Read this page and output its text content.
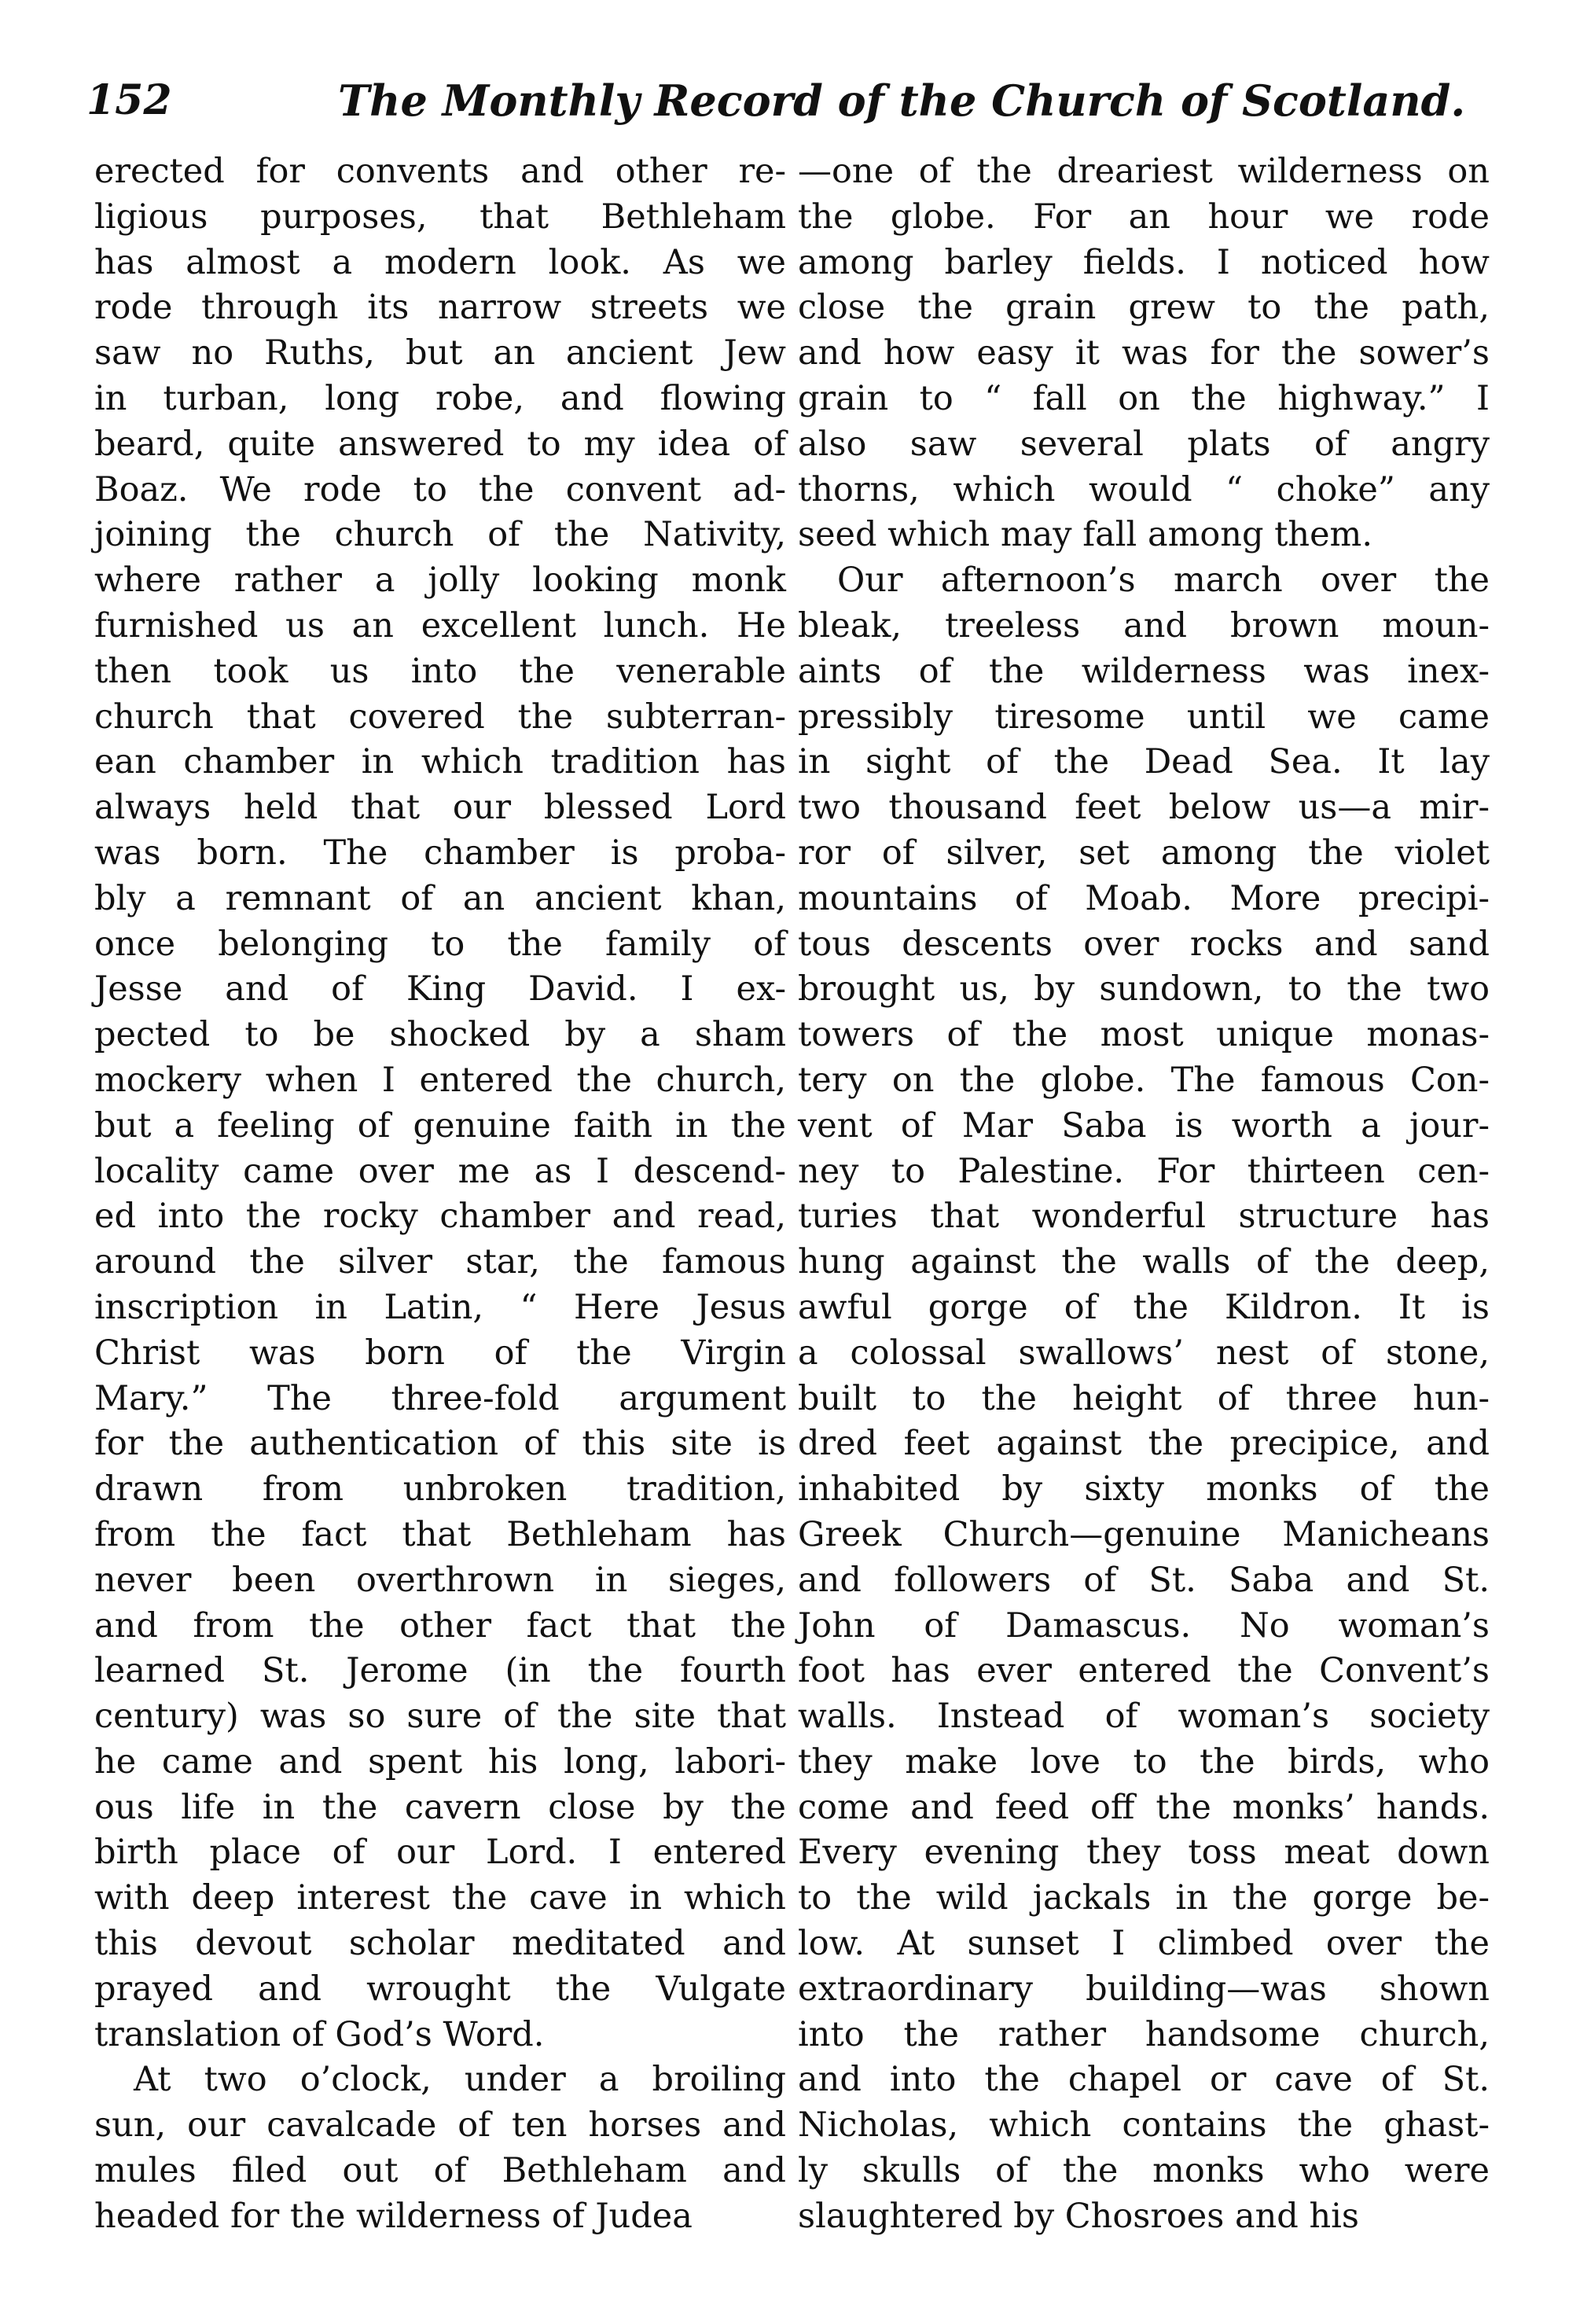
152	The Monthly Record of the Church of Scotland.
erected for convents and other re-
ligious purposes, that Bethleham
has almost a modern look. As we
rode through its narrow streets we
saw no Ruths, but an ancient Jew
in turban, long robe, and flowing
beard, quite answered to my idea of
Boaz. We rode to the convent ad-
joining the church of the Nativity,
where rather a jolly looking monk
furnished us an excellent lunch. He
then took us into the venerable
church that covered the subterran-
ean chamber in which tradition has
always held that our blessed Lord
was born. The chamber is proba-
bly a remnant of an ancient khan,
once belonging to the family of
Jesse and of King David. I ex-
pected to be shocked by a sham
mockery when I entered the church,
but a feeling of genuine faith in the
locality came over me as I descend-
ed into the rocky chamber and read,
around the silver star, the famous
inscription in Latin, “ Here Jesus
Christ was born of the Virgin
Mary.” The three-fold argument
for the authentication of this site is
drawn from unbroken tradition,
from the fact that Bethleham has
never been overthrown in sieges,
and from the other fact that the
learned St. Jerome (in the fourth
century) was so sure of the site that
he came and spent his long, labori-
ous life in the cavern close by the
birth place of our Lord. I entered
with deep interest the cave in which
this devout scholar meditated and
prayed and wrought the Vulgate
translation of God’s Word.
At two o’clock, under a broiling
sun, our cavalcade of ten horses and
mules filed out of Bethleham and
headed for the wilderness of Judea
—one of the dreariest wilderness on
the globe. For an hour we rode
among barley fields. I noticed how
close the grain grew to the path,
and how easy it was for the sower’s
grain to “ fall on the highway.” I
also saw several plats of angry
thorns, which would “ choke” any
seed which may fall among them.
Our afternoon’s march over the
bleak, treeless and brown moun-
aints of the wilderness was inex-
pressibly tiresome until we came
in sight of the Dead Sea. It lay
two thousand feet below us—a mir-
ror of silver, set among the violet
mountains of Moab. More precipi-
tous descents over rocks and sand
brought us, by sundown, to the two
towers of the most unique monas-
tery on the globe. The famous Con-
vent of Mar Saba is worth a jour-
ney to Palestine. For thirteen cen-
turies that wonderful structure has
hung against the walls of the deep,
awful gorge of the Kildron. It is
a colossal swallows’ nest of stone,
built to the height of three hun-
dred feet against the precipice, and
inhabited by sixty monks of the
Greek Church—genuine Manicheans
and followers of St. Saba and St.
John of Damascus. No woman’s
foot has ever entered the Convent’s
walls. Instead of woman’s society
they make love to the birds, who
come and feed off the monks’ hands.
Every evening they toss meat down
to the wild jackals in the gorge be-
low. At sunset I climbed over the
extraordinary building—was shown
into the rather handsome church,
and into the chapel or cave of St.
Nicholas, which contains the ghast-
ly skulls of the monks who were
slaughtered by Chosroes and his
